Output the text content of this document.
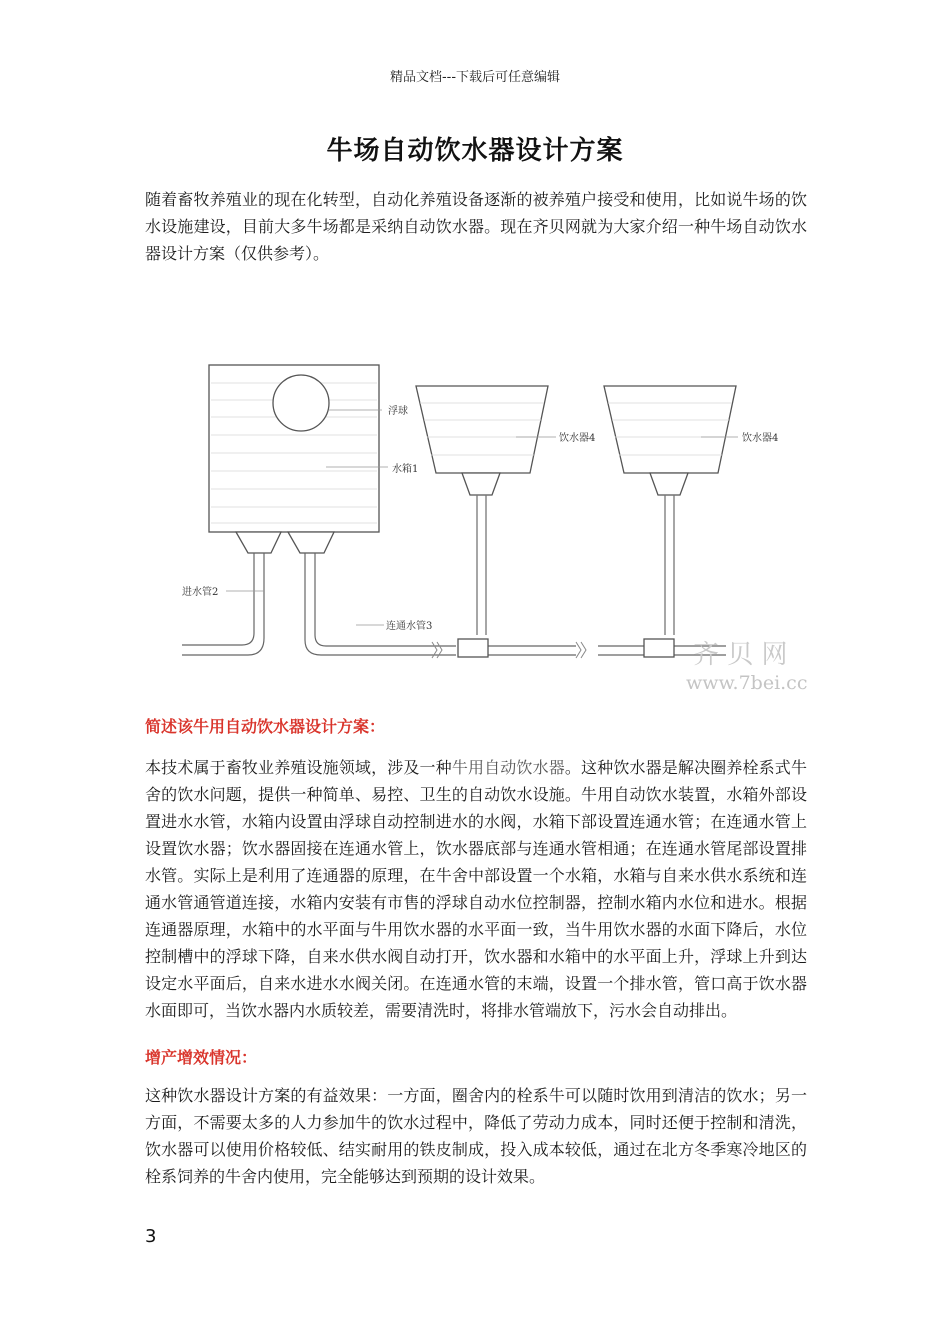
精品文档---下载后可任意编辑
牛场自动饮水器设计方案
随着畜牧养殖业的现在化转型，自动化养殖设备逐渐的被养殖户接受和使用，比如说牛场的饮水设施建设，目前大多牛场都是采纳自动饮水器。现在齐贝网就为大家介绍一种牛场自动饮水器设计方案（仅供参考）。
浮球
水箱1
饮水器4	饮水器4
进水管2
连通水管3
齐 贝 网
www.7bei.cc
简述该牛用自动饮水器设计方案：
本技术属于畜牧业养殖设施领域，涉及一种牛用自动饮水器。这种饮水器是解决圈养栓系式牛舍的饮水问题，提供一种简单、易控、卫生的自动饮水设施。牛用自动饮水装置，水箱外部设置进水水管，水箱内设置由浮球自动控制进水的水阀，水箱下部设置连通水管；在连通水管上设置饮水器；饮水器固接在连通水管上，饮水器底部与连通水管相通；在连通水管尾部设置排水管。实际上是利用了连通器的原理，在牛舍中部设置一个水箱，水箱与自来水供水系统和连通水管通管道连接，水箱内安装有市售的浮球自动水位控制器，控制水箱内水位和进水。根据连通器原理，水箱中的水平面与牛用饮水器的水平面一致，当牛用饮水器的水面下降后，水位控制槽中的浮球下降，自来水供水阀自动打开，饮水器和水箱中的水平面上升，浮球上升到达设定水平面后，自来水进水水阀关闭。在连通水管的末端，设置一个排水管，管口高于饮水器水面即可，当饮水器内水质较差，需要清洗时，将排水管端放下，污水会自动排出。
增产增效情况：
这种饮水器设计方案的有益效果：一方面，圈舍内的栓系牛可以随时饮用到清洁的饮水；另一方面，不需要太多的人力参加牛的饮水过程中，降低了劳动力成本，同时还便于控制和清洗，饮水器可以使用价格较低、结实耐用的铁皮制成，投入成本较低，通过在北方冬季寒冷地区的栓系饲养的牛舍内使用，完全能够达到预期的设计效果。
3
